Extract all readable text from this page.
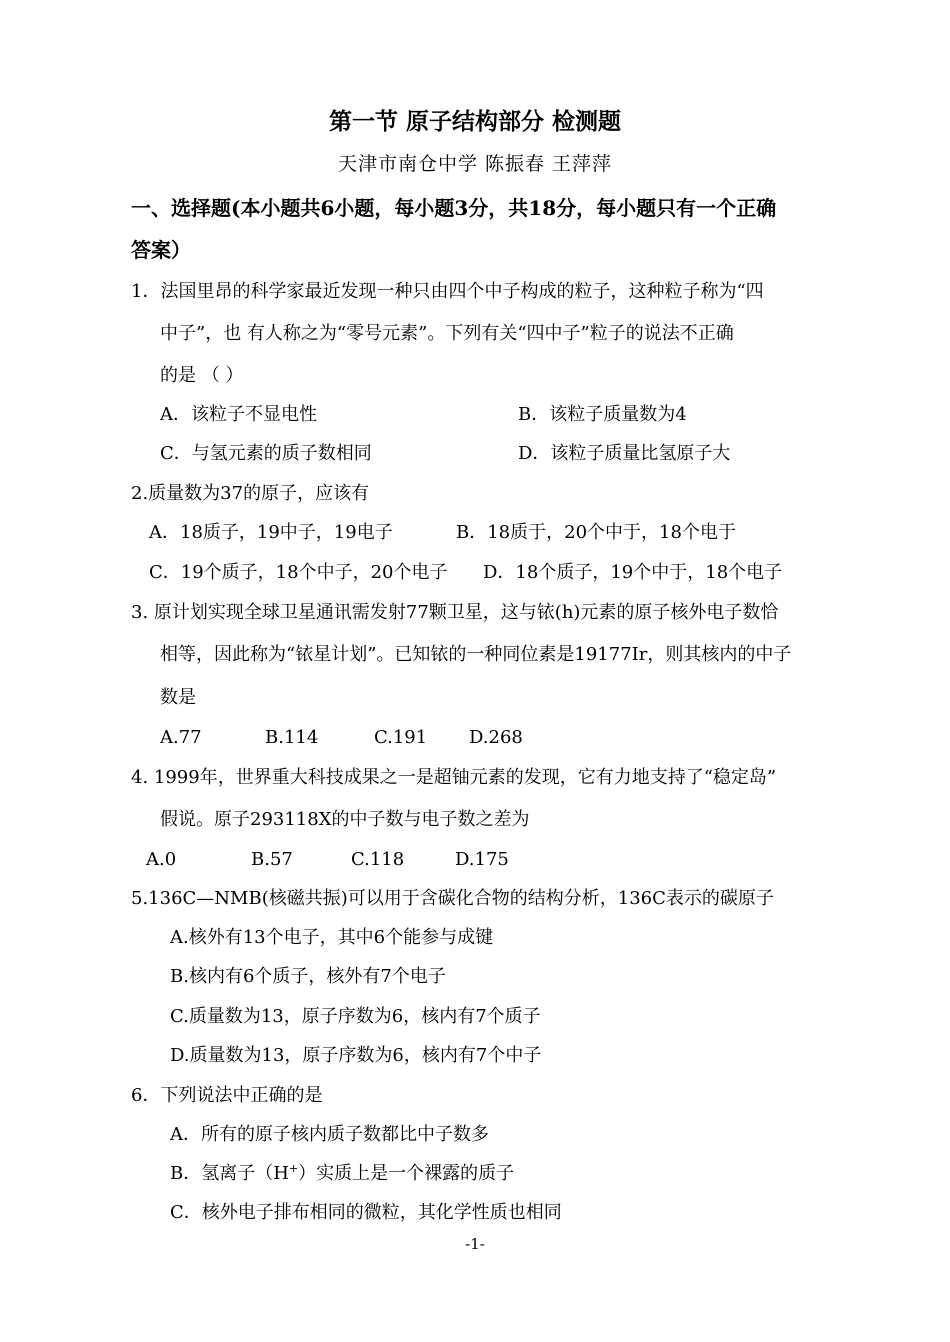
第一节 原子结构部分 检测题
天津市南仓中学 陈振春 王萍萍
一、选择题(本小题共6小题，每小题3分，共18分，每小题只有一个正确
答案）
1．法国里昂的科学家最近发现一种只由四个中子构成的粒子，这种粒子称为“四
中子”，也 有人称之为“零号元素”。下列有关“四中子”粒子的说法不正确
的是 （ ）
A．该粒子不显电性	B．该粒子质量数为4
C．与氢元素的质子数相同	D．该粒子质量比氢原子大
2.质量数为37的原子，应该有
A．18质子，19中子，19电子	B．18质于，20个中于，18个电于
C．19个质子，18个中子，20个电子 D．18个质子，19个中于，18个电子
3. 原计划实现全球卫星通讯需发射77颗卫星，这与铱(h)元素的原子核外电子数恰
相等，因此称为“铱星计划”。已知铱的一种同位素是19177Ir，则其核内的中子
数是
A.77	B.114	C.191 D.268
4. 1999年，世界重大科技成果之一是超铀元素的发现，它有力地支持了“稳定岛”
假说。原子293118X的中子数与电子数之差为
A.0	B.57	C.118	D.175
5.136C—NMB(核磁共振)可以用于含碳化合物的结构分析，136C表示的碳原子
A.核外有13个电子，其中6个能参与成键
B.核内有6个质子，核外有7个电子
C.质量数为13，原子序数为6，核内有7个质子
D.质量数为13，原子序数为6，核内有7个中子
6．下列说法中正确的是
A．所有的原子核内质子数都比中子数多
B．氢离子（H+）实质上是一个裸露的质子
C．核外电子排布相同的微粒，其化学性质也相同
-1-
